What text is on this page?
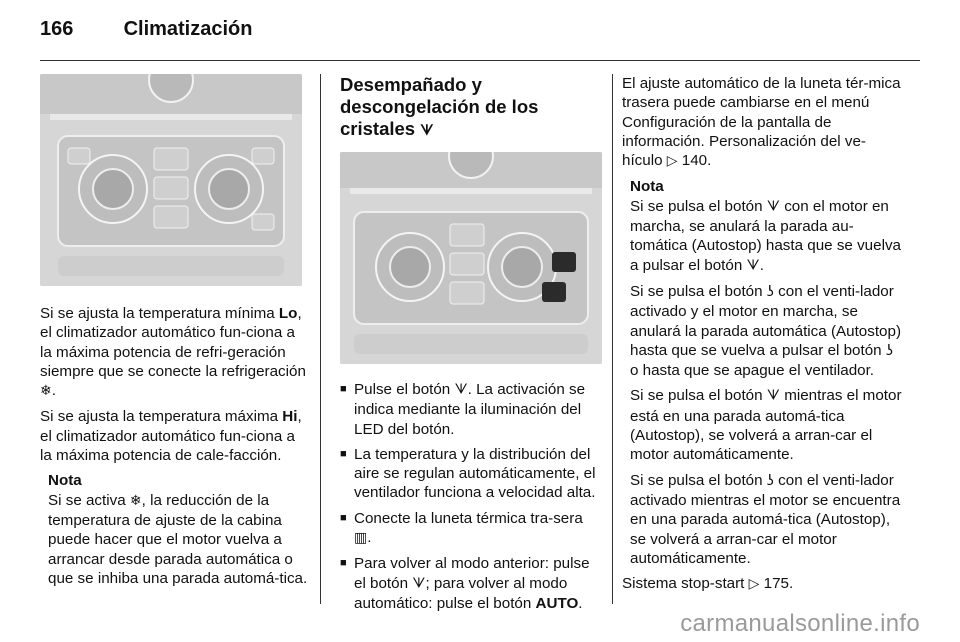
166	Climatización

Si se ajusta la temperatura mínima Lo, el climatizador automático fun-ciona a la máxima potencia de refri-geración siempre que se conecte la refrigeración ❄.

Si se ajusta la temperatura máxima Hi, el climatizador automático fun-ciona a la máxima potencia de cale-facción.

Nota
Si se activa ❄, la reducción de la temperatura de ajuste de la cabina puede hacer que el motor vuelva a arrancar desde parada automática o que se inhiba una parada automá-tica.

Desempañado y descongelación de los cristales ᗐ

■ Pulse el botón ᗐ. La activación se indica mediante la iluminación del LED del botón.
■ La temperatura y la distribución del aire se regulan automáticamente, el ventilador funciona a velocidad alta.
■ Conecte la luneta térmica tra-sera ▥.
■ Para volver al modo anterior: pulse el botón ᗐ; para volver al modo automático: pulse el botón AUTO.

El ajuste automático de la luneta tér-mica trasera puede cambiarse en el menú Configuración de la pantalla de información. Personalización del ve-hículo ▷ 140.

Nota

Si se pulsa el botón ᗐ con el motor en marcha, se anulará la parada au-tomática (Autostop) hasta que se vuelva a pulsar el botón ᗐ.

Si se pulsa el botón ʖ con el venti-lador activado y el motor en marcha, se anulará la parada automática (Autostop) hasta que se vuelva a pulsar el botón ʖ o hasta que se apague el ventilador.

Si se pulsa el botón ᗐ mientras el motor está en una parada automá-tica (Autostop), se volverá a arran-car el motor automáticamente.

Si se pulsa el botón ʖ con el venti-lador activado mientras el motor se encuentra en una parada automá-tica (Autostop), se volverá a arran-car el motor automáticamente.

Sistema stop-start ▷ 175.

carmanualsonline.info
